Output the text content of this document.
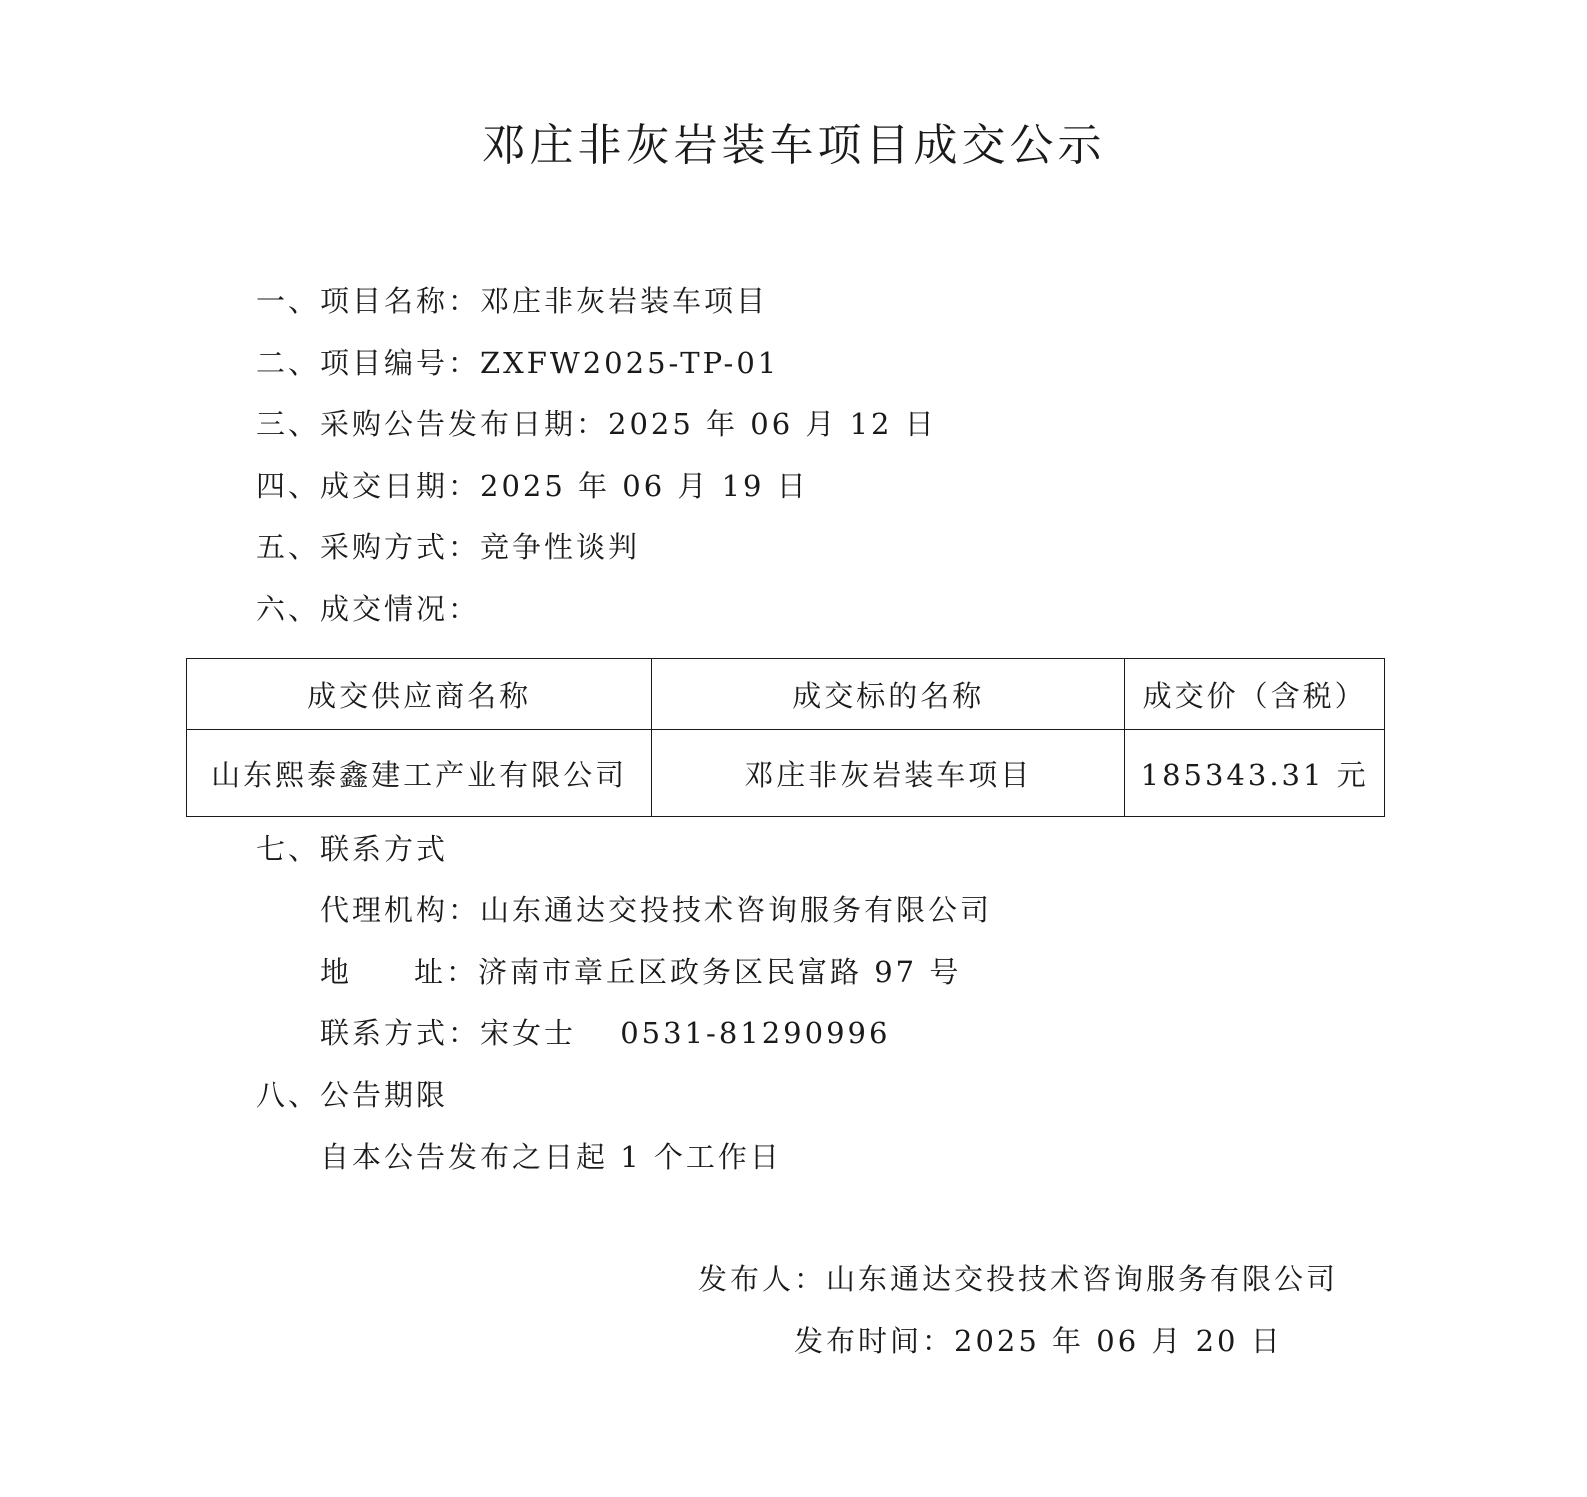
邓庄非灰岩装车项目成交公示
一、项目名称：邓庄非灰岩装车项目
二、项目编号：ZXFW2025-TP-01
三、采购公告发布日期：2025 年 06 月 12 日
四、成交日期：2025 年 06 月 19 日
五、采购方式：竞争性谈判
六、成交情况：
成交供应商名称	成交标的名称	成交价（含税）
山东熙泰鑫建工产业有限公司	邓庄非灰岩装车项目	185343.31 元
七、联系方式
代理机构：山东通达交投技术咨询服务有限公司
地 址：济南市章丘区政务区民富路 97 号
联系方式：宋女士　 0531-81290996
八、公告期限
自本公告发布之日起 1 个工作日
发布人：山东通达交投技术咨询服务有限公司
发布时间：2025 年 06 月 20 日
